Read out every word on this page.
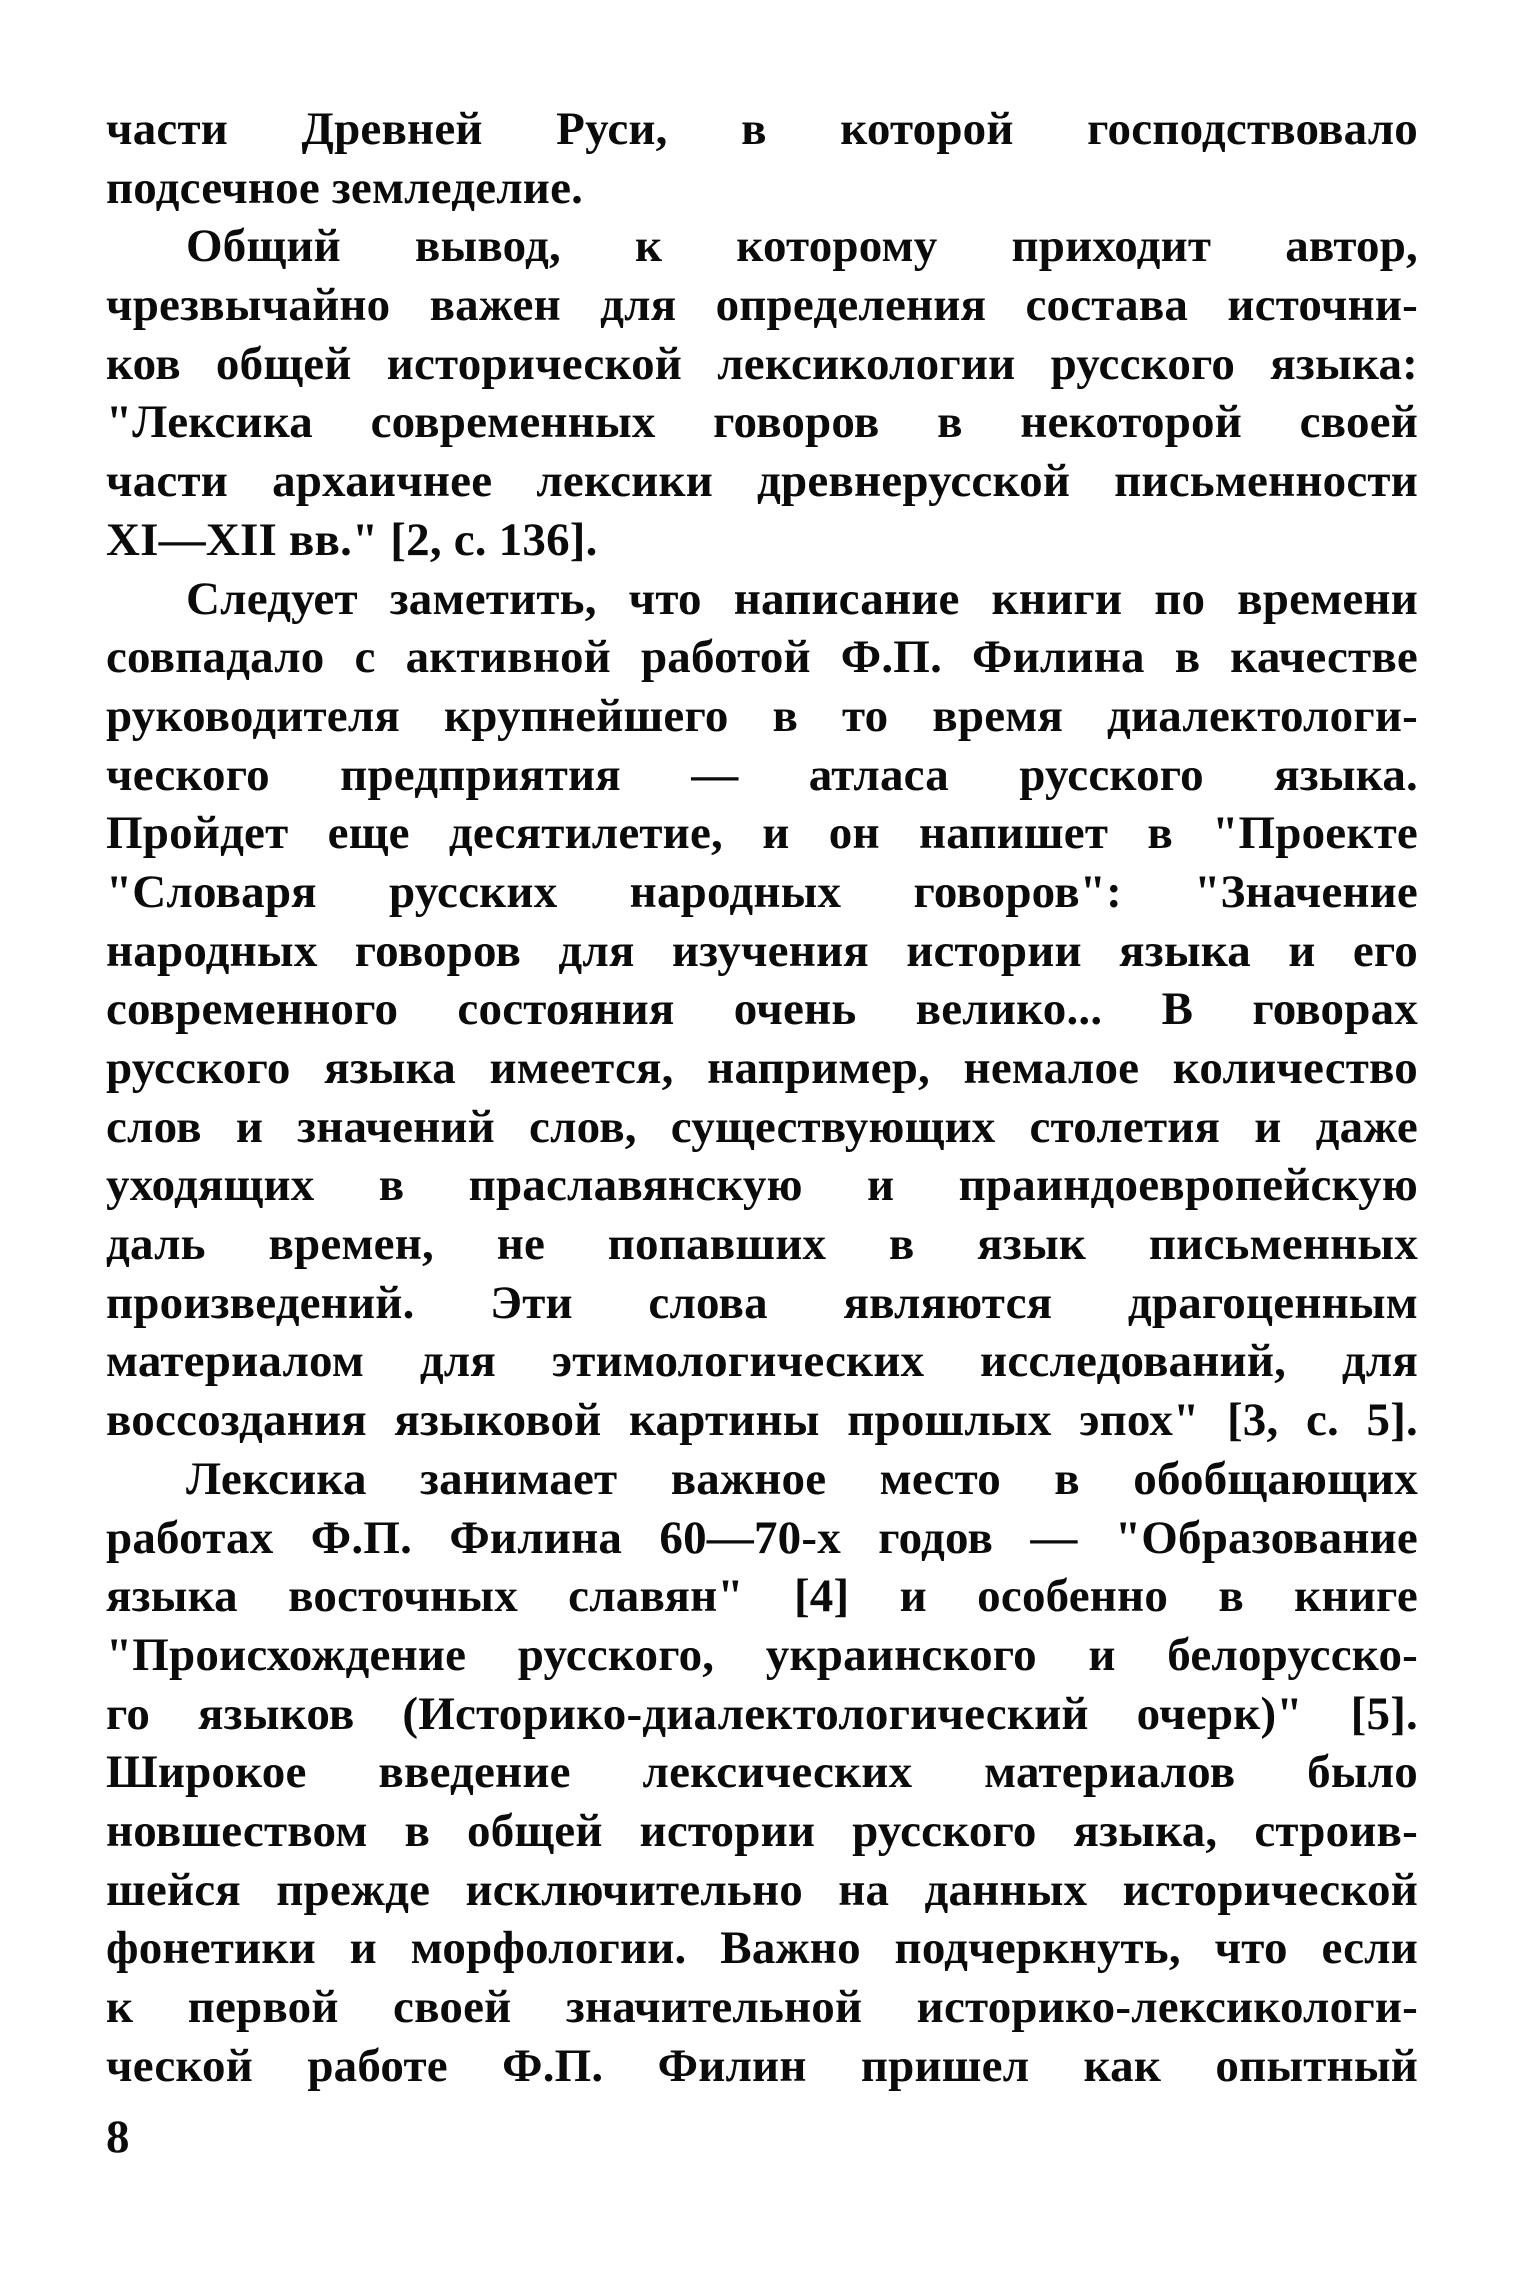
части Древней Руси, в которой господствовало
подсечное земледелие.
Общий вывод, к которому приходит автор,
чрезвычайно важен для определения состава источни-
ков общей исторической лексикологии русского языка:
"Лексика современных говоров в некоторой своей
части архаичнее лексики древнерусской письменности
XI—XII вв." [2, с. 136].
Следует заметить, что написание книги по времени
совпадало с активной работой Ф.П. Филина в качестве
руководителя крупнейшего в то время диалектологи-
ческого предприятия — атласа русского языка.
Пройдет еще десятилетие, и он напишет в "Проекте
"Словаря русских народных говоров": "Значение
народных говоров для изучения истории языка и его
современного состояния очень велико... В говорах
русского языка имеется, например, немалое количество
слов и значений слов, существующих столетия и даже
уходящих в праславянскую и праиндоевропейскую
даль времен, не попавших в язык письменных
произведений. Эти слова являются драгоценным
материалом для этимологических исследований, для
воссоздания языковой картины прошлых эпох" [3, с. 5].
Лексика занимает важное место в обобщающих
работах Ф.П. Филина 60—70-х годов — "Образование
языка восточных славян" [4] и особенно в книге
"Происхождение русского, украинского и белорусско-
го языков (Историко-диалектологический очерк)" [5].
Широкое введение лексических материалов было
новшеством в общей истории русского языка, строив-
шейся прежде исключительно на данных исторической
фонетики и морфологии. Важно подчеркнуть, что если
к первой своей значительной историко-лексикологи-
ческой работе Ф.П. Филин пришел как опытный
8
